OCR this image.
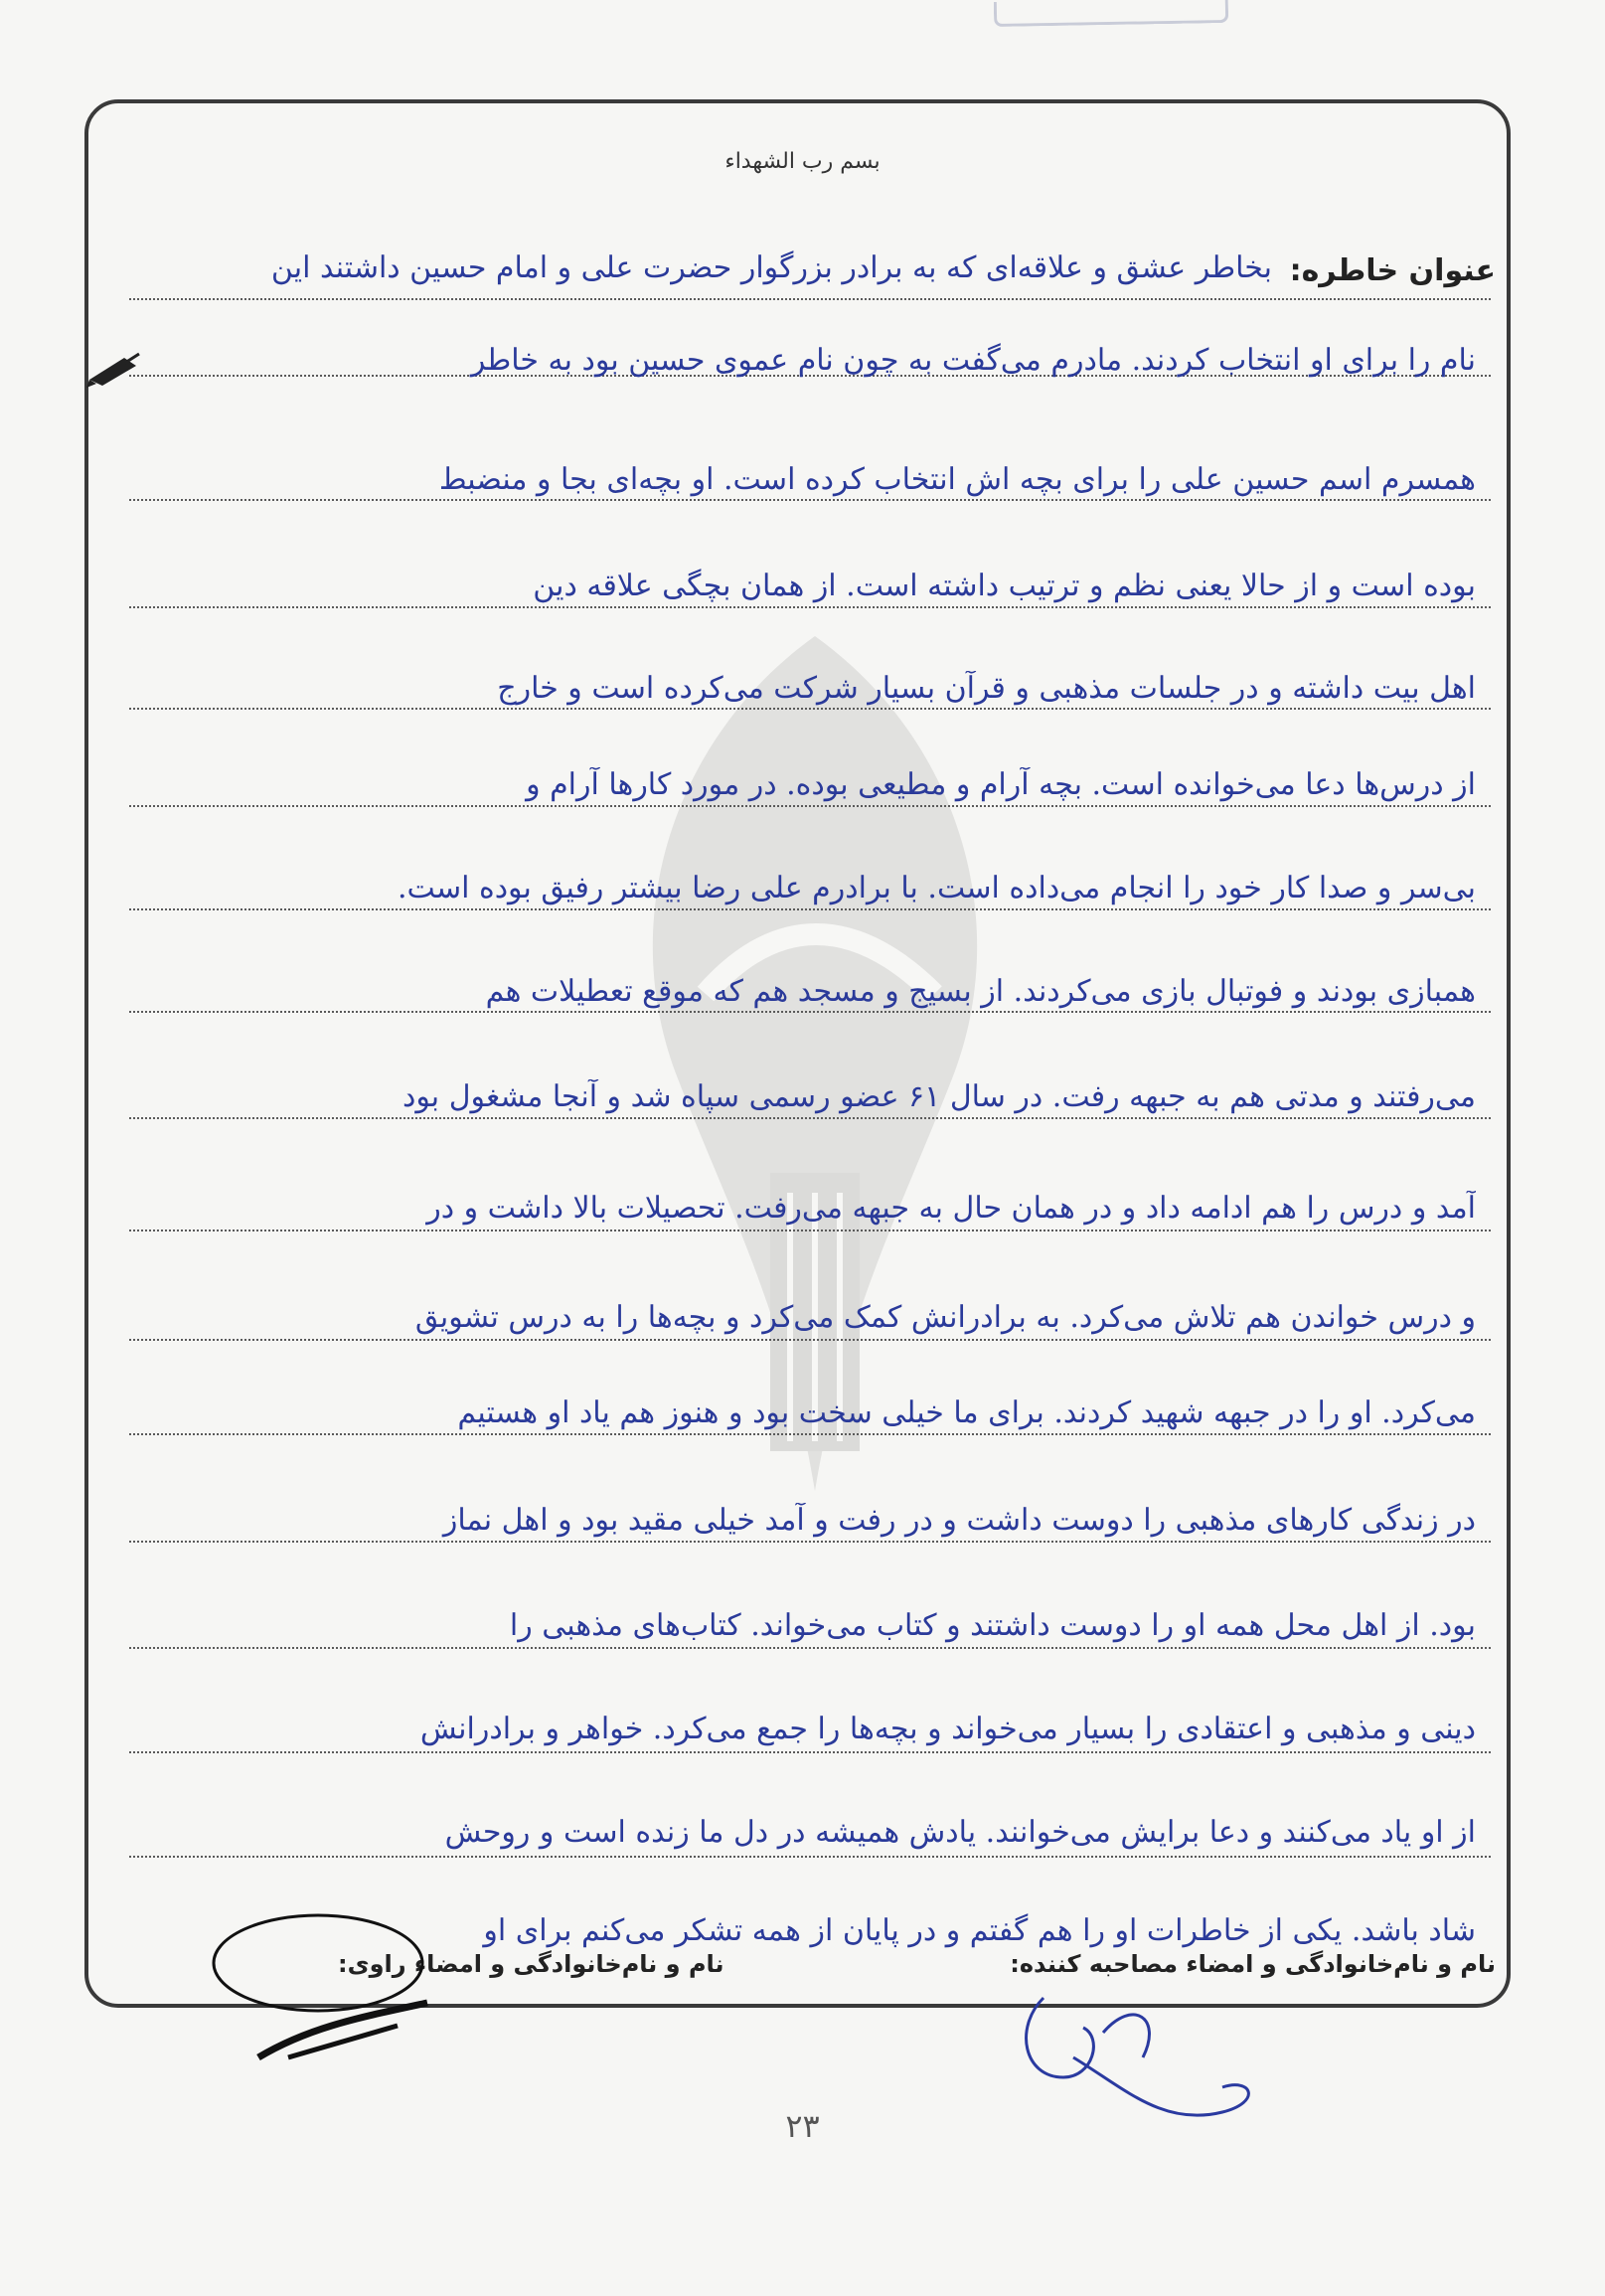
بسم رب الشهداء
عنوان خاطره:
بخاطر عشق و علاقه‌ای که به برادر بزرگوار حضرت علی و امام حسین داشتند این
نام را برای او انتخاب کردند. مادرم می‌گفت به چون نام عموی حسین بود به خاطر
همسرم اسم حسین علی را برای بچه اش انتخاب کرده است. او بچه‌ای بجا و منضبط
بوده است و از حالا یعنی نظم و ترتیب داشته است. از همان بچگی علاقه دین
اهل بیت داشته و در جلسات مذهبی و قرآن بسیار شرکت می‌کرده است و خارج
از درس‌ها دعا می‌خوانده است. بچه آرام و مطیعی بوده. در مورد کارها آرام و
بی‌سر و صدا کار خود را انجام می‌داده است. با برادرم علی رضا بیشتر رفیق بوده است.
همبازی بودند و فوتبال بازی می‌کردند. از بسیج و مسجد هم که موقع تعطیلات هم
می‌رفتند و مدتی هم به جبهه رفت. در سال ۶۱ عضو رسمی سپاه شد و آنجا مشغول بود
آمد و درس را هم ادامه داد و در همان حال به جبهه می‌رفت. تحصیلات بالا داشت و در
و درس خواندن هم تلاش می‌کرد. به برادرانش کمک می‌کرد و بچه‌ها را به درس تشویق
می‌کرد. او را در جبهه شهید کردند. برای ما خیلی سخت بود و هنوز هم یاد او هستیم
در زندگی کارهای مذهبی را دوست داشت و در رفت و آمد خیلی مقید بود و اهل نماز
بود. از اهل محل همه او را دوست داشتند و کتاب می‌خواند. کتاب‌های مذهبی را
دینی و مذهبی و اعتقادی را بسیار می‌خواند و بچه‌ها را جمع می‌کرد. خواهر و برادرانش
از او یاد می‌کنند و دعا برایش می‌خوانند. یادش همیشه در دل ما زنده است و روحش
شاد باشد. یکی از خاطرات او را هم گفتم و در پایان از همه تشکر می‌کنم برای او
نام و نام‌خانوادگی و امضاء مصاحبه کننده:
نام و نام‌خانوادگی و امضاء راوی:
۲۳
